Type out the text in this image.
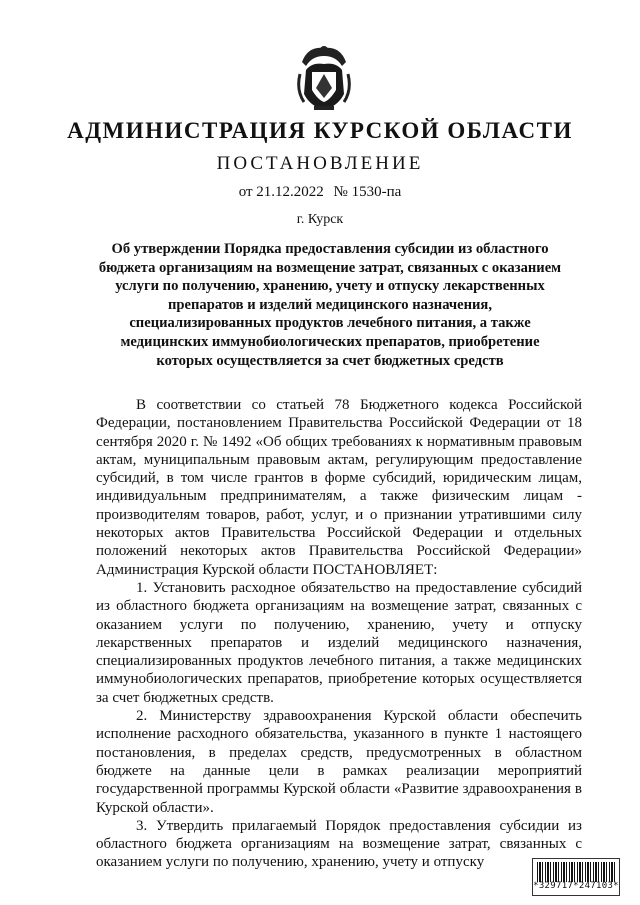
АДМИНИСТРАЦИЯ КУРСКОЙ ОБЛАСТИ
ПОСТАНОВЛЕНИЕ
от 21.12.2022 № 1530-па
г. Курск
Об утверждении Порядка предоставления субсидии из областного бюджета организациям на возмещение затрат, связанных с оказанием услуги по получению, хранению, учету и отпуску лекарственных препаратов и изделий медицинского назначения, специализированных продуктов лечебного питания, а также медицинских иммунобиологических препаратов, приобретение которых осуществляется за счет бюджетных средств

В соответствии со статьей 78 Бюджетного кодекса Российской Федерации, постановлением Правительства Российской Федерации от 18 сентября 2020 г. № 1492 «Об общих требованиях к нормативным правовым актам, муниципальным правовым актам, регулирующим предоставление субсидий, в том числе грантов в форме субсидий, юридическим лицам, индивидуальным предпринимателям, а также физическим лицам - производителям товаров, работ, услуг, и о признании утратившими силу некоторых актов Правительства Российской Федерации и отдельных положений некоторых актов Правительства Российской Федерации» Администрация Курской области ПОСТАНОВЛЯЕТ:

1. Установить расходное обязательство на предоставление субсидий из областного бюджета организациям на возмещение затрат, связанных с оказанием услуги по получению, хранению, учету и отпуску лекарственных препаратов и изделий медицинского назначения, специализированных продуктов лечебного питания, а также медицинских иммунобиологических препаратов, приобретение которых осуществляется за счет бюджетных средств.

2. Министерству здравоохранения Курской области обеспечить исполнение расходного обязательства, указанного в пункте 1 настоящего постановления, в пределах средств, предусмотренных в областном бюджете на данные цели в рамках реализации мероприятий государственной программы Курской области «Развитие здравоохранения в Курской области».

3. Утвердить прилагаемый Порядок предоставления субсидии из областного бюджета организациям на возмещение затрат, связанных с оказанием услуги по получению, хранению, учету и отпуску

*329717*247103*
